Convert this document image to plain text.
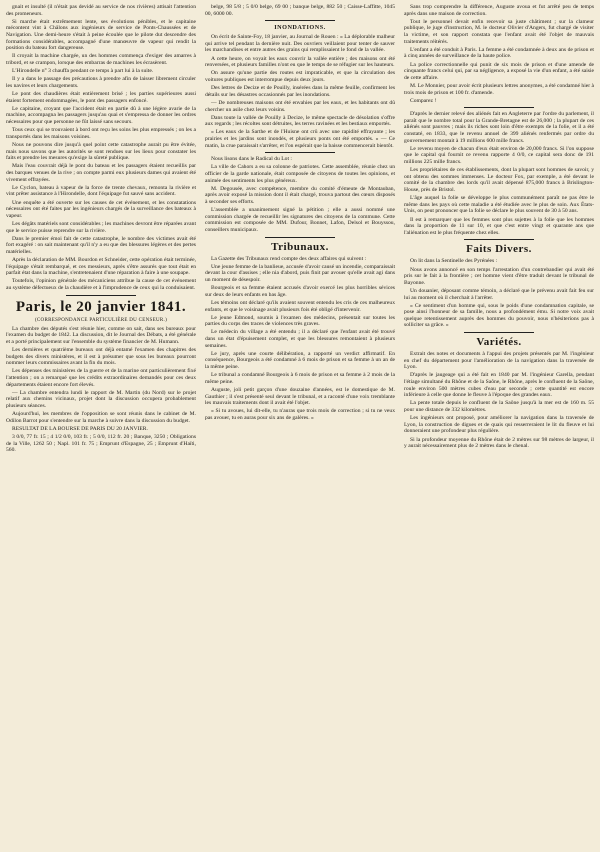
gnait et insulté (il n'était pas devidé au service de nos rivières) attisait l'attention des promeneurs.

Si marche était extrêmement lente, ses évolutions pénibles, et le capitaine mécontent vint à Châlons aux ingénieurs de service de Ponts-Chaussées et de Navigation. Une demi-heure s'était à peine écoulée que le pilote dut descendre des formations considérables, accompagné d'une manœuvre de vapeur qui rendit la position du bateau fort dangereuse.

Il croyait la machine chargée, un des hommes commença d'exiger des amarres à tribord, et se crampon, lorsque des embarras de machines les écrasèrent.

L'Hirondelle n° 3 chauffa pendant ce temps à part lui à la suite.

Il y a dans le passage des précautions à prendre afin de laisser librement circuler les navires et leurs chargements.

Le pont des chaudières était entièrement brisé ; les parties supérieures aussi étaient fortement endommagées, le pont des passagers enfoncé.

Le capitaine, croyant que l'accident était en partie dû à une légère avarie de la machine, accompagna les passagers jusqu'au quai et s'empressa de donner les ordres nécessaires pour que personne ne fût laissé sans secours.

Tous ceux qui se trouvaient à bord ont reçu les soins les plus empressés ; on les a transportés dans les maisons voisines.

Nous ne pouvons dire jusqu'à quel point cette catastrophe aurait pu être évitée, mais nous savons que les autorités se sont rendues sur les lieux pour constater les faits et prendre les mesures qu'exige la sûreté publique.

Mais l'eau couvrait déjà le pont du bateau et les passagers étaient recueillis par des barques venues de la rive ; on compte parmi eux plusieurs dames qui avaient été vivement effrayées.

Le Cyclon, bateau à vapeur de la force de trente chevaux, remonta la rivière et vint prêter assistance à l'Hirondelle, dont l'équipage fut sauvé sans accident.

Une enquête a été ouverte sur les causes de cet événement, et les constatations nécessaires ont été faites par les ingénieurs chargés de la surveillance des bateaux à vapeur.

Les dégâts matériels sont considérables ; les machines devront être réparées avant que le service puisse reprendre sur la rivière.

Dans le premier émoi fait de cette catastrophe, le nombre des victimes avait été fort exagéré : on sait maintenant qu'il n'y a eu que des blessures légères et des pertes matérielles.

Après la déclaration de MM. Bourdon et Schneider, cette opération était terminée, l'équipage s'était rembarqué, et ces messieurs, après s'être assurés que tout était en parfait état dans la machine, s'entretenaient d'une réparation à faire à une soupape.

Toutefois, l'opinion générale des mécaniciens attribue la cause de cet événement au système défectueux de la chaudière et à l'imprudence de ceux qui la conduisaient.

Paris, le 20 janvier 1841.
(CORRESPONDANCE PARTICULIÈRE DU CENSEUR.)

La chambre des députés s'est réunie hier, comme on sait, dans ses bureaux pour l'examen du budget de 1842. La discussion, dit le Journal des Débats, a été générale et a porté principalement sur l'ensemble du système financier de M. Humann.

Les dernières et quatrième bureaux ont déjà entamé l'examen des chapitres des budgets des divers ministères, et il est à présumer que sous les bureaux pourront nommer leurs commissaires avant la fin du mois.

Les dépenses des ministères de la guerre et de la marine ont particulièrement fixé l'attention ; on a remarqué que les crédits extraordinaires demandés pour ces deux départements étaient encore fort élevés.

— La chambre entendra lundi le rapport de M. Martin (du Nord) sur le projet relatif aux chemins vicinaux, projet dont la discussion occupera probablement plusieurs séances.

Aujourd'hui, les membres de l'opposition se sont réunis dans le cabinet de M. Odilon Barrot pour s'entendre sur la marche à suivre dans la discussion du budget.

RESULTAT DE LA BOURSE DE PARIS DU 20 JANVIER.

3 0/0, 77 fr. 15 ; 4 1/2 0/0, 103 fr. ; 5 0/0, 112 fr. 20 ; Banque, 3250 ; Obligations de la Ville, 1262 50 ; Napl. 101 fr. 75 ; Emprunt d'Espagne, 25 ; Emprunt d'Haïti, 560.

belge, 98 5/8 ; 5 0/0 belge, 69 00 ; banque belge, 882 50 ; Caisse-Laffitte, 1045 00, 6000 00.

INONDATIONS.

On écrit de Sainte-Foy, 18 janvier, au Journal de Rouen : « La déplorable malheur qui arrive tel pendant la dernière nuit. Des ouvriers veillaient pour tenter de sauver les marchandises et entre autres des grains qui remplissaient le fond de la vallée.

A cette heure, on voyait les eaux couvrir la vallée entière ; des maisons ont été renversées, et plusieurs familles n'ont eu que le temps de se réfugier sur les hauteurs.

On assure qu'une partie des routes est impraticable, et que la circulation des voitures publiques est interrompue depuis deux jours.

Des lettres de Decize et de Pouilly, insérées dans la même feuille, confirment les détails sur les désastres occasionnés par les inondations.

— De nombreuses maisons ont été envahies par les eaux, et les habitants ont dû chercher un asile chez leurs voisins.

Dans toute la vallée de Pouilly à Decize, le même spectacle de désolation s'offre aux regards ; les récoltes sont détruites, les terres ravinées et les bestiaux emportés.

« Les eaux de la Sarthe et de l'Huisne ont crû avec une rapidité effrayante ; les prairies et les jardins sont inondés, et plusieurs ponts ont été emportés. » — Ce matin, la crue paraissait s'arrêter, et l'on espérait que la baisse commencerait bientôt.

Nous lisons dans le Radical du Lot :

La ville de Cahors a eu sa colonne de patriotes. Cette assemblée, réunie chez un officier de la garde nationale, était composée de citoyens de toutes les opinions, et animée des sentiments les plus généreux.

M. Degousée, avec compétence, membre du comité d'émeute de Montauban, après avoir exposé la mission dont il était chargé, trouva partout des cœurs disposés à seconder ses efforts.

L'assemblée a unanimement signé la pétition ; elle a aussi nommé une commission chargée de recueillir les signatures des citoyens de la commune. Cette commission est composée de MM. Dufour, Bonnet, Lafon, Delsol et Bouyssou, conseillers municipaux.

Tribunaux.

La Gazette des Tribunaux rend compte des deux affaires qui suivent :

Une jeune femme de la banlieue, accusée d'avoir causé un incendie, comparaissait devant la cour d'assises ; elle nia d'abord, puis finit par avouer qu'elle avait agi dans un moment de désespoir.

Bourgeois et sa femme étaient accusés d'avoir exercé les plus horribles sévices sur deux de leurs enfants en bas âge.

Les témoins ont déclaré qu'ils avaient souvent entendu les cris de ces malheureux enfants, et que le voisinage avait plusieurs fois été obligé d'intervenir.

Le jeune Edmond, soumis à l'examen des médecins, présentait sur toutes les parties du corps des traces de violences très graves.

Le médecin du village a été entendu ; il a déclaré que l'enfant avait été trouvé dans un état d'épuisement complet, et que les blessures remontaient à plusieurs semaines.

Le jury, après une courte délibération, a rapporté un verdict affirmatif. En conséquence, Bourgeois a été condamné à 6 mois de prison et sa femme à un an de la même peine.

Le tribunal a condamné Bourgeois à 6 mois de prison et sa femme à 2 mois de la même peine.

Auguste, joli petit garçon d'une douzaine d'années, est le domestique de M. Gauthier ; il s'est présenté seul devant le tribunal, et a raconté d'une voix tremblante les mauvais traitements dont il avait été l'objet.

« Si tu avoues, lui dit-elle, tu n'auras que trois mois de correction ; si tu ne veux pas avouer, tu en auras pour six ans de galères. »

Sans trop comprendre la différence, Auguste avoua et fut arrêté peu de temps après dans une maison de correction.

Tout le personnel devait enfin recevoir sa juste châtiment ; sur la clameur publique, le juge d'instruction, M. le docteur Olivier d'Angers, fut chargé de visiter la victime, et son rapport constata que l'enfant avait été l'objet de mauvais traitements réitérés.

L'enfant a été conduit à Paris. La femme a été condamnée à deux ans de prison et à cinq années de surveillance de la haute police.

La police correctionnelle qui punit de six mois de prison et d'une amende de cinquante francs celui qui, par sa négligence, a exposé la vie d'un enfant, a été saisie de cette affaire.

M. Le Monnier, pour avoir écrit plusieurs lettres anonymes, a été condamné hier à trois mois de prison et 100 fr. d'amende.

Comparez !

D'après le dernier relevé des aliénés fait en Angleterre par l'ordre du parlement, il paraît que le nombre total pour la Grande-Bretagne est de 26,000 ; la plupart de ces aliénés sont pauvres ; mais ils riches sont loin d'être exempts de la folie, et il a été constaté, en 1833, que le revenu annuel de 399 aliénés renfermés par ordre du gouvernement montait à 19 millions 600 mille francs.

Le revenu moyen de chacun d'eux était environ de 20,000 francs. Si l'on suppose que le capital qui fournit ce revenu rapporte 4 0/0, ce capital sera donc de 191 millions 225 mille francs.

Les propriétaires de ces établissements, dont la plupart sont hommes de savoir, y ont obtenu des sommes immenses. Le docteur Fox, par exemple, a été devant le comité de la chambre des lords qu'il avait dépensé 875,000 francs à Brislington-House, près de Bristol.

L'âge auquel la folie se développe le plus communément paraît ne pas être le même dans les pays où cette maladie a été étudiée avec le plus de soin. Aux États-Unis, on peut prononcer que la folie se déclare le plus souvent de 30 à 50 ans.

Il est à remarquer que les femmes sont plus sujettes à la folie que les hommes dans la proportion de 11 sur 10, et que c'est entre vingt et quarante ans que l'aliénation est le plus fréquente chez elles.

Faits Divers.

On lit dans la Sentinelle des Pyrénées :

Nous avons annoncé en son temps l'arrestation d'un contrebandier qui avait été pris sur le fait à la frontière ; cet homme vient d'être traduit devant le tribunal de Bayonne.

Un douanier, déposant comme témoin, a déclaré que le prévenu avait fait feu sur lui au moment où il cherchait à l'arrêter.

« Ce sentiment d'un homme qui, sous le poids d'une condamnation capitale, se pose ainsi l'honneur de sa famille, nous a profondément ému. Si notre voix avait quelque retentissement auprès des hommes du pouvoir, nous n'hésiterions pas à solliciter sa grâce. »

Variétés.

Extrait des notes et documents à l'appui des projets présentés par M. l'ingénieur en chef du département pour l'amélioration de la navigation dans la traversée de Lyon.

D'après le jaugeage qui a été fait en 1840 par M. l'ingénieur Garella, pendant l'étiage simultané du Rhône et de la Saône, le Rhône, après le confluent de la Saône, roule environ 500 mètres cubes d'eau par seconde ; cette quantité est encore inférieure à celle que donne le fleuve à l'époque des grandes eaux.

La pente totale depuis le confluent de la Saône jusqu'à la mer est de 160 m. 55 pour une distance de 332 kilomètres.

Les ingénieurs ont proposé, pour améliorer la navigation dans la traversée de Lyon, la construction de digues et de quais qui resserreraient le lit du fleuve et lui donneraient une profondeur plus régulière.

Si la profondeur moyenne du Rhône était de 2 mètres sur 98 mètres de largeur, il y aurait nécessairement plus de 2 mètres dans le chenal.
